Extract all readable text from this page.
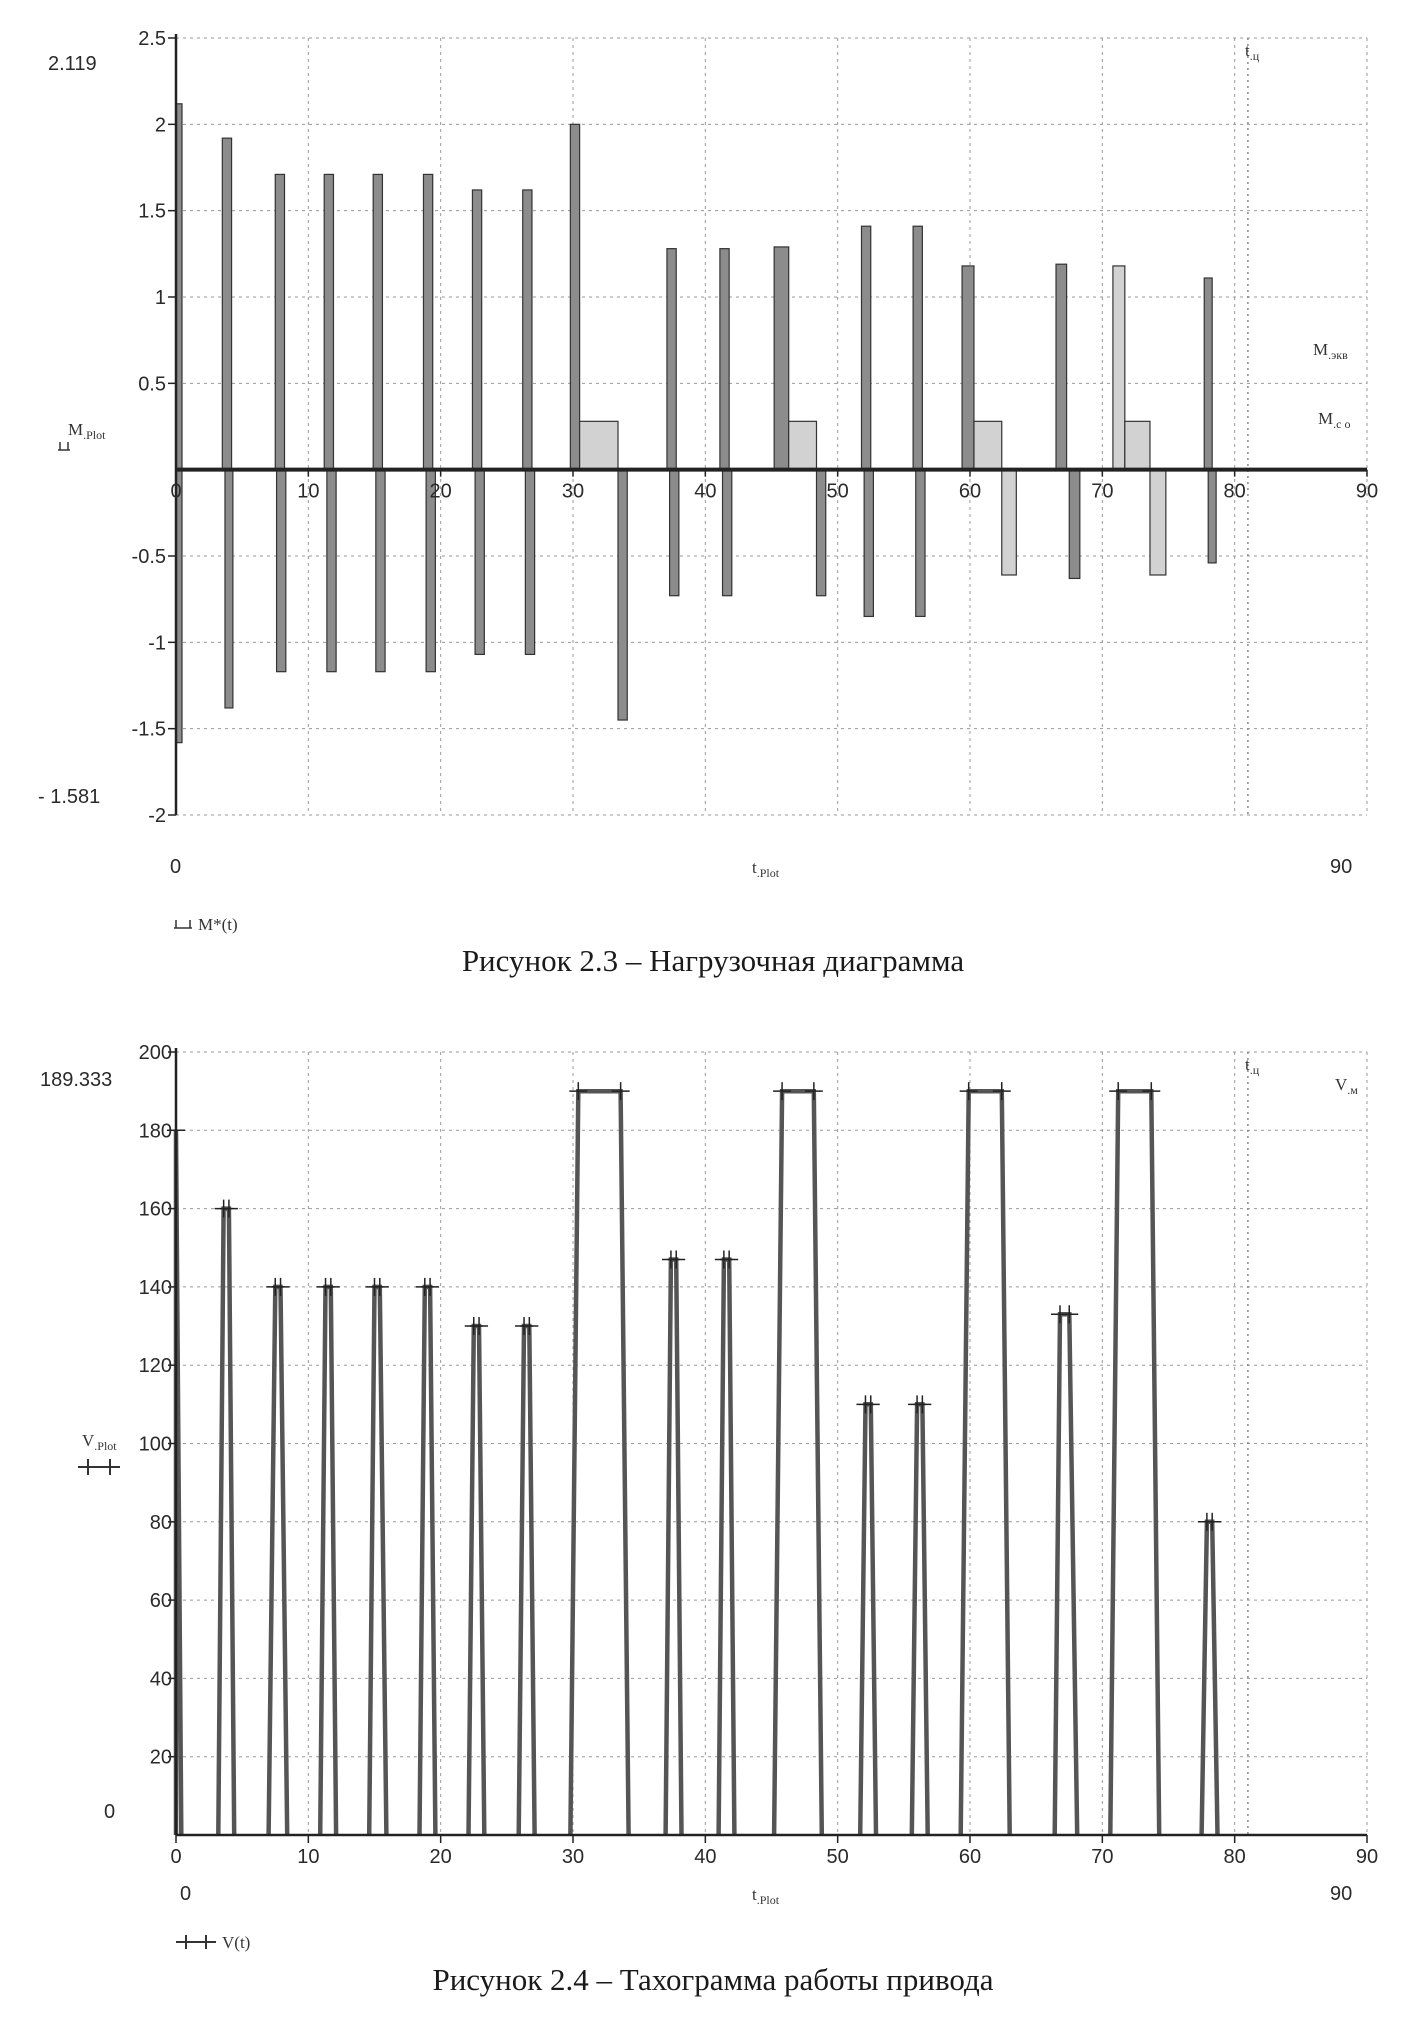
-2
-1.5
-1
-0.5
0.5
1
1.5
2
2.5
0	10	20	30	40	50	60	70	80	90
2.119
- 1.581
$M_{.Plot}$
$t_{.ц}$
$M_{.экв}$
$M_{.с о}$
0	$t_{.Plot}$	90
M*(t)
Рисунок 2.3 – Нагрузочная диаграмма
20
40
60
80
100
120
140
160
180
200
0	10	20	30	40	50	60	70	80	90
189.333
0
$V_{.Plot}$
$t_{.ц}$
$V_{.м}$
0	$t_{.Plot}$	90
V(t)
Рисунок 2.4 – Тахограмма работы привода
